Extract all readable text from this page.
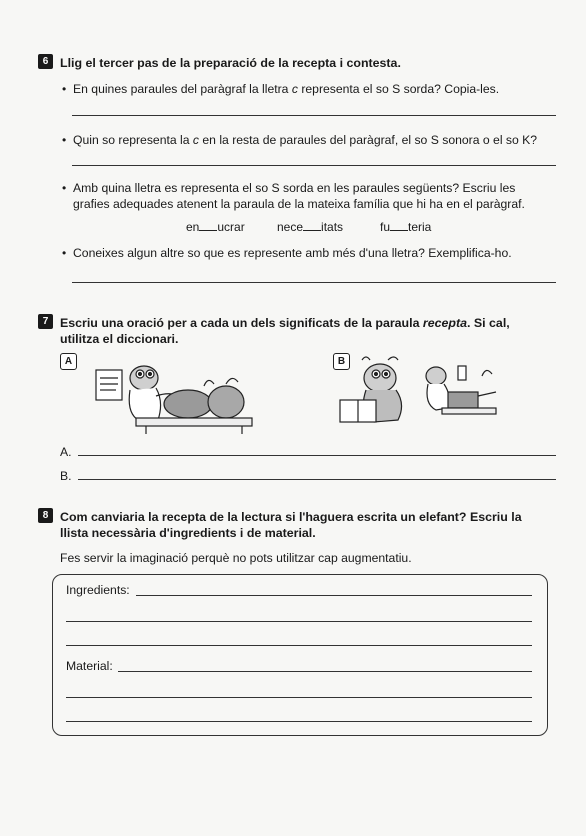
6 Llig el tercer pas de la preparació de la recepta i contesta.
• En quines paraules del paràgraf la lletra c representa el so S sorda? Copia-les.
• Quin so representa la c en la resta de paraules del paràgraf, el so S sonora o el so K?
• Amb quina lletra es representa el so S sorda en les paraules següents? Escriu les
grafies adequades atenent la paraula de la mateixa família que hi ha en el paràgraf.
en ucrar	nece itats	fu teria
• Coneixes algun altre so que es represente amb més d'una lletra? Exemplifica-ho.
7 Escriu una oració per a cada un dels significats de la paraula recepta. Si cal,
utilitza el diccionari.
A	B
A.
B.
8 Com canviaria la recepta de la lectura si l'haguera escrita un elefant? Escriu la
llista necessària d'ingredients i de material.
Fes servir la imaginació perquè no pots utilitzar cap augmentatiu.
Ingredients:
Material:
